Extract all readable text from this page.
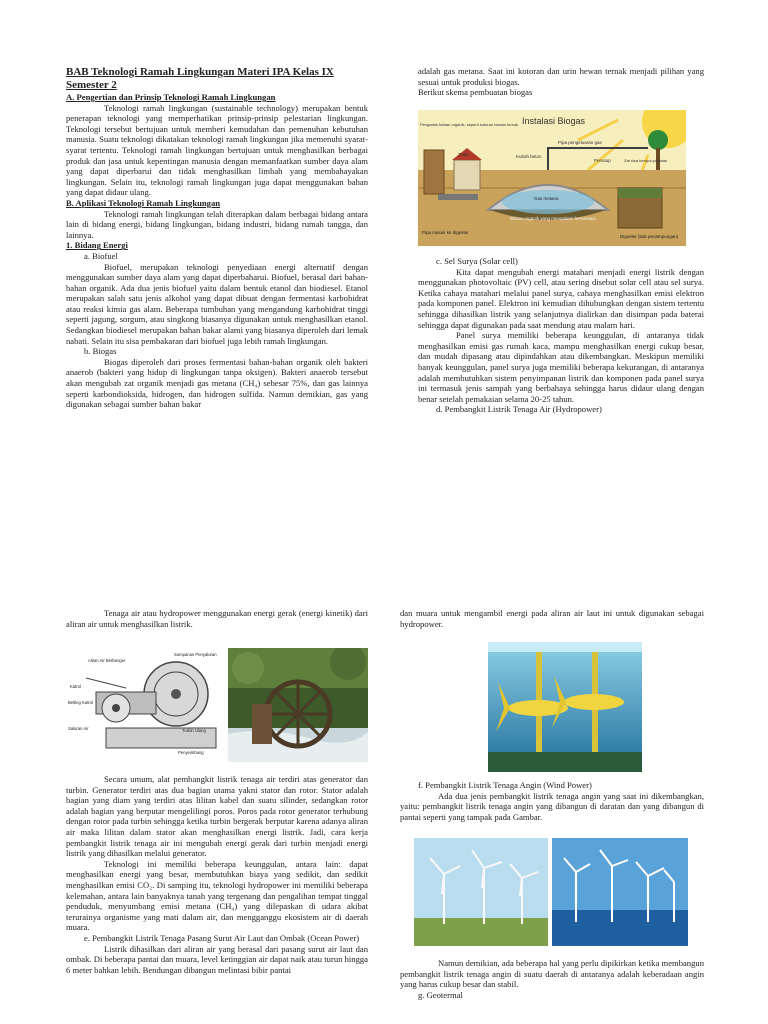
BAB Teknologi Ramah Lingkungan Materi IPA Kelas IX
Semester 2

A. Pengertian dan Prinsip Teknologi Ramah Lingkungan

Teknologi ramah lingkungan (sustainable technology) merupakan bentuk penerapan teknologi yang memperhatikan prinsip-prinsip pelestarian lingkungan. Teknologi tersebut bertujuan untuk memberi kemudahan dan pemenuhan kebutuhan manusia. Suatu teknologi dikatakan teknologi ramah lingkungan jika memenuhi syarat-syarat tertentu. Teknologi ramah lingkungan bertujuan untuk menghasilkan berbagai produk dan jasa untuk kepentingan manusia dengan memanfaatkan sumber daya alam yang dapat diperbarui dan tidak menghasilkan limbah yang membahayakan lingkungan. Selain itu, teknologi ramah lingkungan juga dapat menggunakan bahan yang dapat didaur ulang.

B. Aplikasi Teknologi Ramah Lingkungan

Teknologi ramah lingkungan telah diterapkan dalam berbagai bidang antara lain di bidang energi, bidang lingkungan, bidang industri, bidang rumah tangga, dan lainnya.

1. Bidang Energi

a. Biofuel

Biofuel, merupakan teknologi penyediaan energi alternatif dengan menggunakan sumber daya alam yang dapat diperbaharui. Biofuel, berasal dari bahan-bahan organik. Ada dua jenis biofuel yaitu dalam bentuk etanol dan biodiesel. Etanol merupakan salah satu jenis alkohol yang dapat dibuat dengan fermentasi karbohidrat atau reaksi kimia gas alam. Beberapa tumbuhan yang mengandung karbohidrat tinggi seperti jagung, sorgum, atau singkong biasanya digunakan untuk menghasilkan etanol. Sedangkan biodiesel merupakan bahan bakar alami yang biasanya diperoleh dari lemak nabati. Selain itu sisa pembakaran dari biofuel juga lebih ramah lingkungan.

b. Biogas

Biogas diperoleh dari proses fermentasi bahan-bahan organik oleh bakteri anaerob (bakteri yang hidup di lingkungan tanpa oksigen). Bakteri anaerob tersebut akan mengubah zat organik menjadi gas metana (CH₄) sebesar 75%, dan gas lainnya seperti karbondioksida, hidrogen, dan hidrogen sulfida. Namun demikian, gas yang digunakan sebagai sumber bahan bakar

adalah gas metana. Saat ini kotoran dan urin hewan ternak menjadi pilihan yang sesuai untuk produksi biogas.

Berikut skema pembuatan biogas

Instalasi Biogas
Pengaduk bahan organik, seperti kotoran hewan ternak
Toilet	Kubah beton
Pipa pengeluaran gas
Penutup	Zat sisa berupa padatan
Gas metana
Bahan organik yang mengalami fermentasi
Pipa masuk ke digester
Digester (bak penampungan)

c. Sel Surya (Solar cell)

Kita dapat mengubah energi matahari menjadi energi listrik dengan menggunakan photovoltaic (PV) cell, atau sering disebut solar cell atau sel surya. Ketika cahaya matahari melalui panel surya, cahaya menghasilkan emisi elektron pada komponen panel. Elektron ini kemudian dihubungkan dengan sistem tertentu sehingga dihasilkan listrik yang selanjutnya dialirkan dan disimpan pada baterai sehingga dapat digunakan pada saat mendung atau malam hari.

Panel surya memiliki beberapa keunggulan, di antaranya tidak menghasilkan emisi gas rumah kaca, mampu menghasilkan energi cukup besar, dan mudah dipasang atau dipindahkan atau dikembangkan. Meskipun memiliki banyak keunggulan, panel surya juga memiliki beberapa kekurangan, di antaranya adalah membutuhkan sistem penyimpanan listrik dan komponen pada panel surya ini termasuk jenis sampah yang berbahaya sehingga harus didaur ulang dengan benar setelah pemakaian selama 20-25 tahun.

d. Pembangkit Listrik Tenaga Air (Hydropower)

Tenaga air atau hydropower menggunakan energi gerak (energi kinetik) dari aliran air untuk menghasilkan listrik.

Aliran Air Berbenger
Sumpanan Penyaluran
Katrol
Belting Katrol
Turbin Ulang
Saluran Air
Penyeimbang

Secara umum, alat pembangkit listrik tenaga air terdiri atas generator dan turbin. Generator terdiri atas dua bagian utama yakni stator dan rotor. Stator adalah bagian yang diam yang terdiri atas lilitan kabel dan suatu silinder, sedangkan rotor adalah bagian yang berputar mengelilingi poros. Poros pada rotor generator terhubung dengan rotor pada turbin sehingga ketika turbin bergerak berputar karena adanya aliran air maka lilitan dalam stator akan menghasilkan energi listrik. Jadi, cara kerja pembangkit listrik tenaga air ini mengubah energi gerak dari turbin menjadi energi listrik yang dihasilkan melalui generator.

Teknologi ini memiliki beberapa keunggulan, antara lain: dapat menghasilkan energi yang besar, membutuhkan biaya yang sedikit, dan sedikit menghasilkan emisi CO₂. Di samping itu, teknologi hydropower ini memiliki beberapa kelemahan, antara lain banyaknya tanah yang tergenang dan pengalihan tempat tinggal penduduk, menyumbang emisi metana (CH₄) yang dilepaskan di udara akibat terurainya organisme yang mati dalam air, dan mengganggu ekosistem air di daerah muara.

e. Pembangkit Listrik Tenaga Pasang Surut Air Laut dan Ombak (Ocean Power)

Listrik dihasilkan dari aliran air yang berasal dari pasang surut air laut dan ombak. Di beberapa pantai dan muara, level ketinggian air dapat naik atau turun hingga 6 meter bahkan lebih. Bendungan dibangun melintasi bibir pantai

dan muara untuk mengambil energi pada aliran air laut ini untuk digunakan sebagai hydropower.

f. Pembangkit Listrik Tenaga Angin (Wind Power)

Ada dua jenis pembangkit listrik tenaga angin yang saat ini dikembangkan, yaitu: pembangkit listrik tenaga angin yang dibangun di daratan dan yang dibangun di pantai seperti yang tampak pada Gambar.

Namun demikian, ada beberapa hal yang perlu dipikirkan ketika membangun pembangkit listrik tenaga angin di suatu daerah di antaranya adalah keberadaan angin yang harus cukup besar dan stabil.

g. Geotermal
